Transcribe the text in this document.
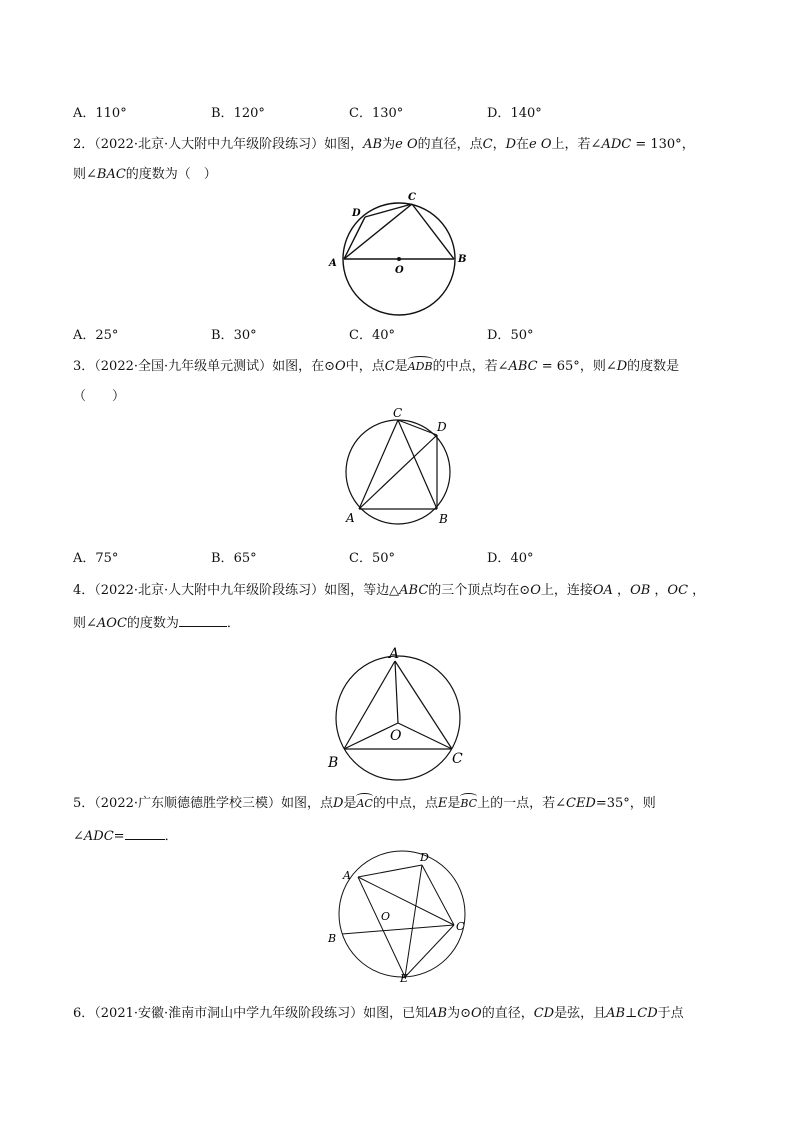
A．110°	B．120°	C．130°	D．140°
2．（2022·北京·人大附中九年级阶段练习）如图，AB为e O的直径，点C，D在e O上，若∠ADC = 130°，
则∠BAC的度数为（　）
A	B
C
D
O
A．25°	B．30°	C．40°	D．50°
3．（2022·全国·九年级单元测试）如图，在⊙O中，点C是ADB的中点，若∠ABC = 65°，则∠D的度数是
（　　）
A	B
C
D
A．75°	B．65°	C．50°	D．40°
4．（2022·北京·人大附中九年级阶段练习）如图，等边△ABC的三个顶点均在⊙O上，连接OA ，OB ，OC ，
则∠AOC的度数为	．
A
B	C
O
5．（2022·广东顺德德胜学校三模）如图，点D是AC的中点，点E是BC上的一点，若∠CED=35°，则
∠ADC=	．
A
B
C
D
E
O
6．（2021·安徽·淮南市洞山中学九年级阶段练习）如图，已知AB为⊙O的直径，CD是弦，且AB⊥CD于点
